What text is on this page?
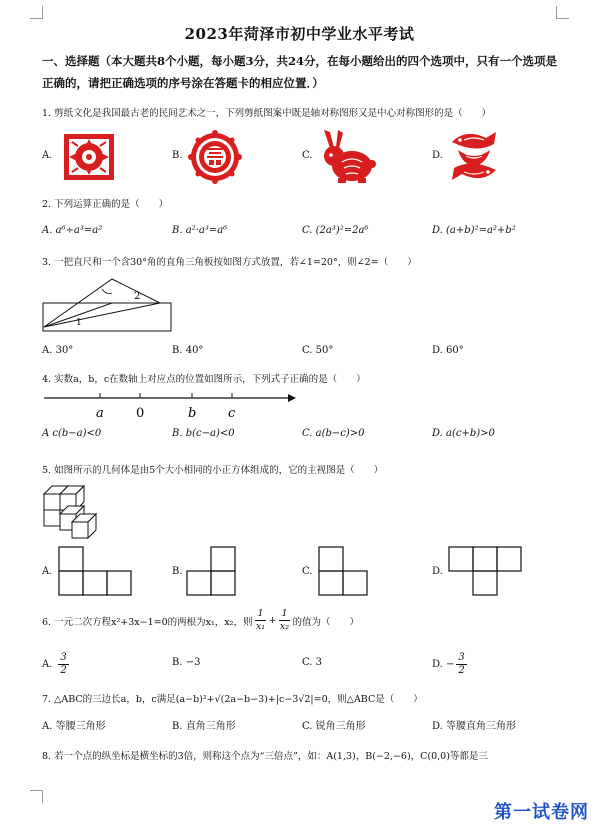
2023年菏泽市初中学业水平考试
一、选择题（本大题共8个小题，每小题3分，共24分，在每小题给出的四个选项中，只有一个选项是正确的，请把正确选项的序号涂在答题卡的相应位置．）
1. 剪纸文化是我国最古老的民间艺术之一，下列剪纸图案中既是轴对称图形又是中心对称图形的是（　　）
A.	B.	C.	D.
2. 下列运算正确的是（　　）
A. a⁶÷a³=a²	B. a²·a³=a⁶	C. (2a³)²=2a⁶	D. (a+b)²=a²+b²
3. 一把直尺和一个含30°角的直角三角板按如图方式放置，若∠1=20°，则∠2=（　　）
1
2
A. 30°	B. 40°	C. 50°	D. 60°
4. 实数a，b，c在数轴上对应点的位置如图所示，下列式子正确的是（　　）
a 0	b c
A c(b−a)<0	B. b(c−a)<0	C. a(b−c)>0	D. a(c+b)>0
5. 如图所示的几何体是由5个大小相同的小正方体组成的，它的主视图是（　　）
A.	B.	C.	D.
6. 一元二次方程x²+3x−1=0的两根为x₁，x₂，则 $\frac{1}{\text{x₁}} + \frac{1}{\text{x₂}}$ 的值为（　　）
A. $\frac{3}{2}$	B. −3	C. 3	D. − $\frac{3}{2}$
7. △ABC的三边长a，b，c满足(a−b)²+√(2a−b−3)+|c−3√2|=0，则△ABC是（　　）
A. 等腰三角形	B. 直角三角形	C. 锐角三角形	D. 等腰直角三角形
8. 若一个点的纵坐标是横坐标的3倍，则称这个点为“三倍点”，如：A(1,3)，B(−2,−6)，C(0,0)等都是三
第一试卷网
